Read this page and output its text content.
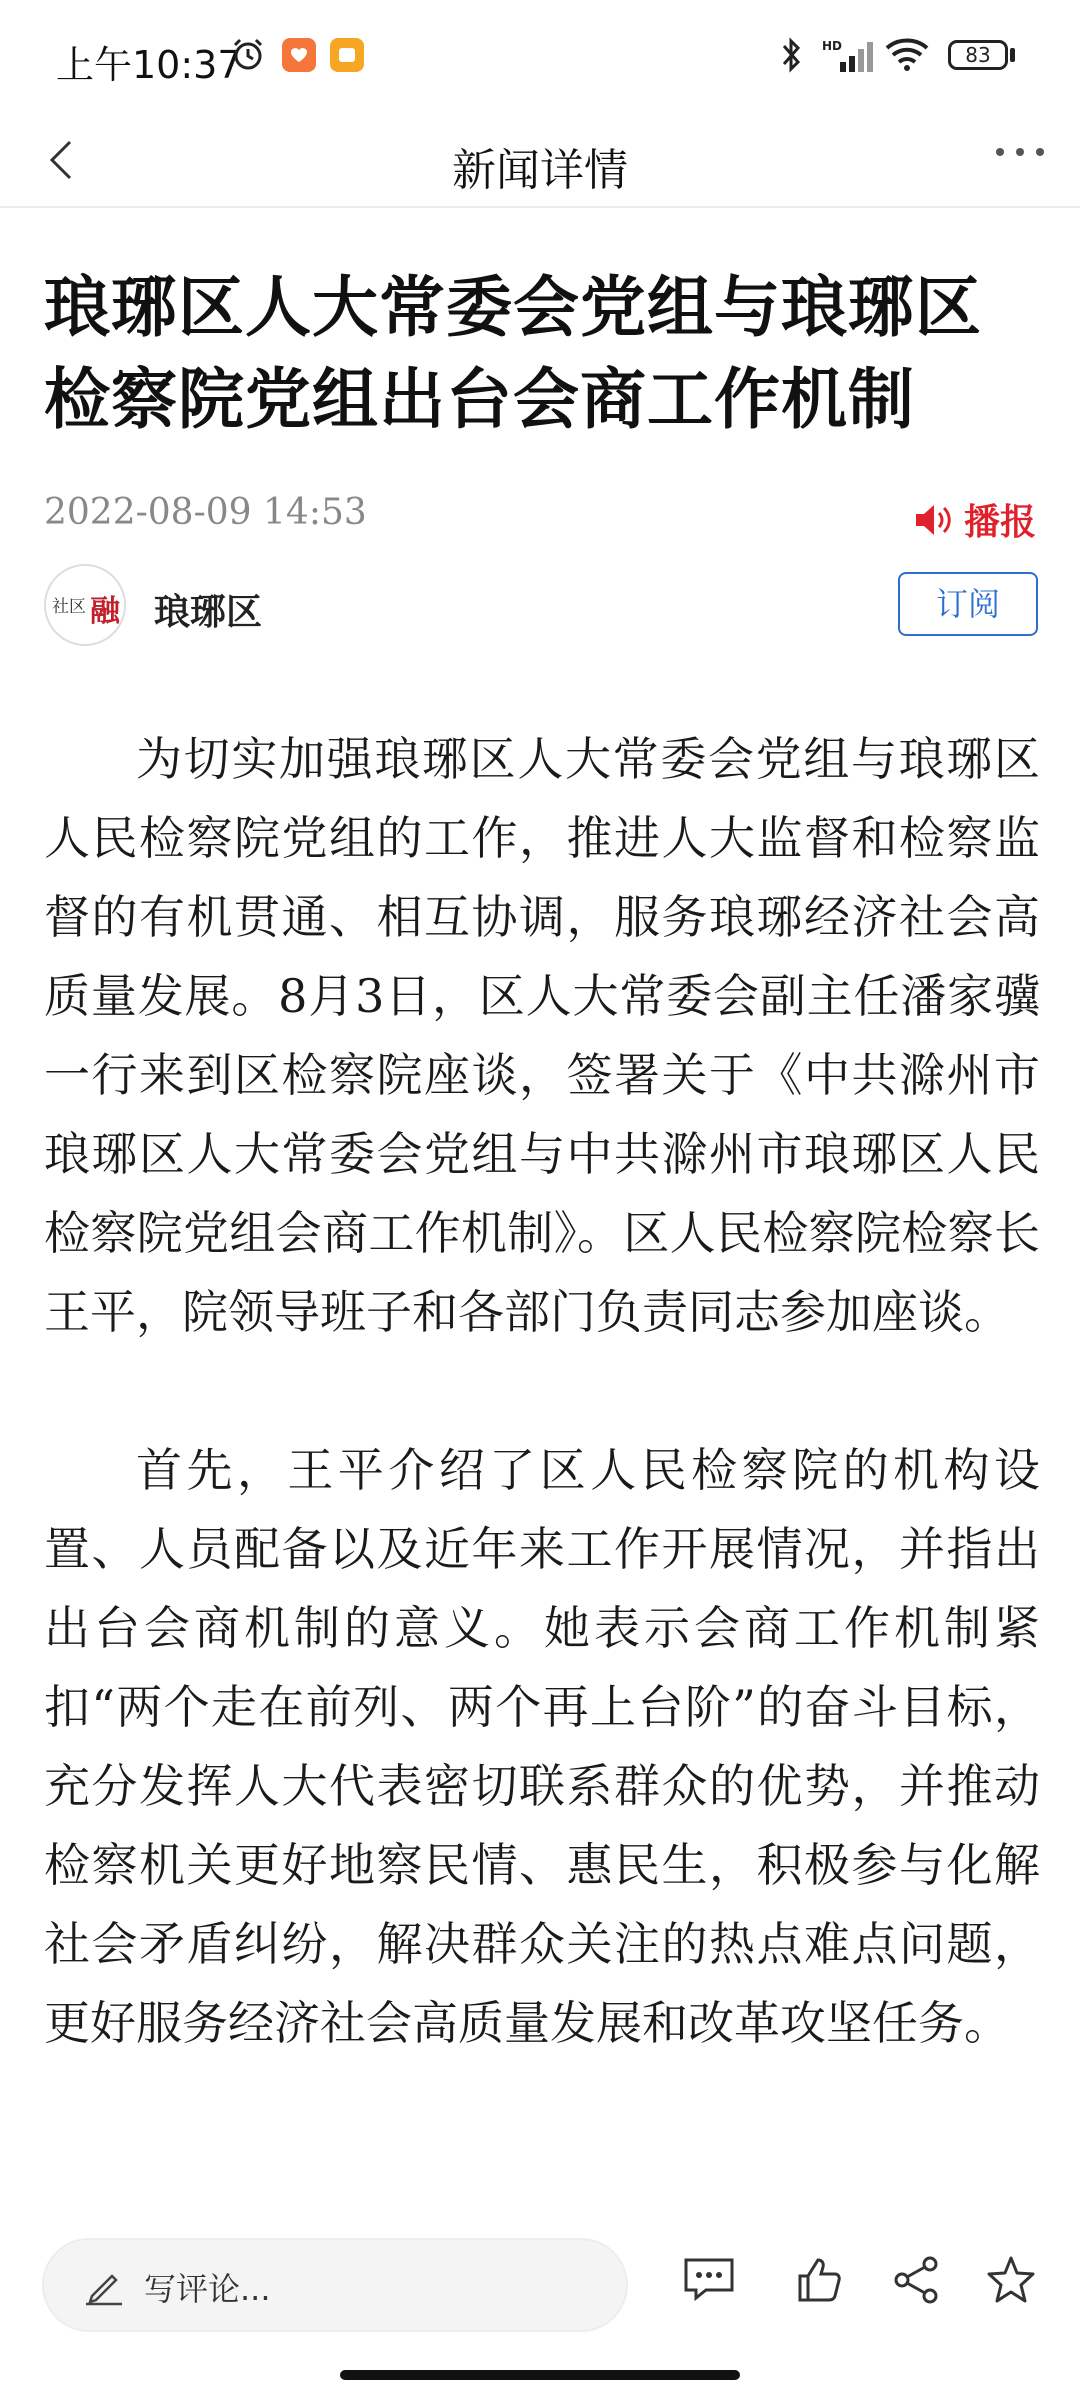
上午10:37	HD	83
新闻详情
琅琊区人大常委会党组与琅琊区检察院党组出台会商工作机制
2022-08-09 14:53	播报
社区 融 琅琊区	订阅

为切实加强琅琊区人大常委会党组与琅琊区人民检察院党组的工作，推进人大监督和检察监督的有机贯通、相互协调，服务琅琊经济社会高质量发展。8月3日，区人大常委会副主任潘家骥一行来到区检察院座谈，签署关于《中共滁州市琅琊区人大常委会党组与中共滁州市琅琊区人民检察院党组会商工作机制》。区人民检察院检察长王平，院领导班子和各部门负责同志参加座谈。

首先，王平介绍了区人民检察院的机构设置、人员配备以及近年来工作开展情况，并指出出台会商机制的意义。她表示会商工作机制紧扣“两个走在前列、两个再上台阶”的奋斗目标，充分发挥人大代表密切联系群众的优势，并推动检察机关更好地察民情、惠民生，积极参与化解社会矛盾纠纷，解决群众关注的热点难点问题，更好服务经济社会高质量发展和改革攻坚任务。

写评论...
